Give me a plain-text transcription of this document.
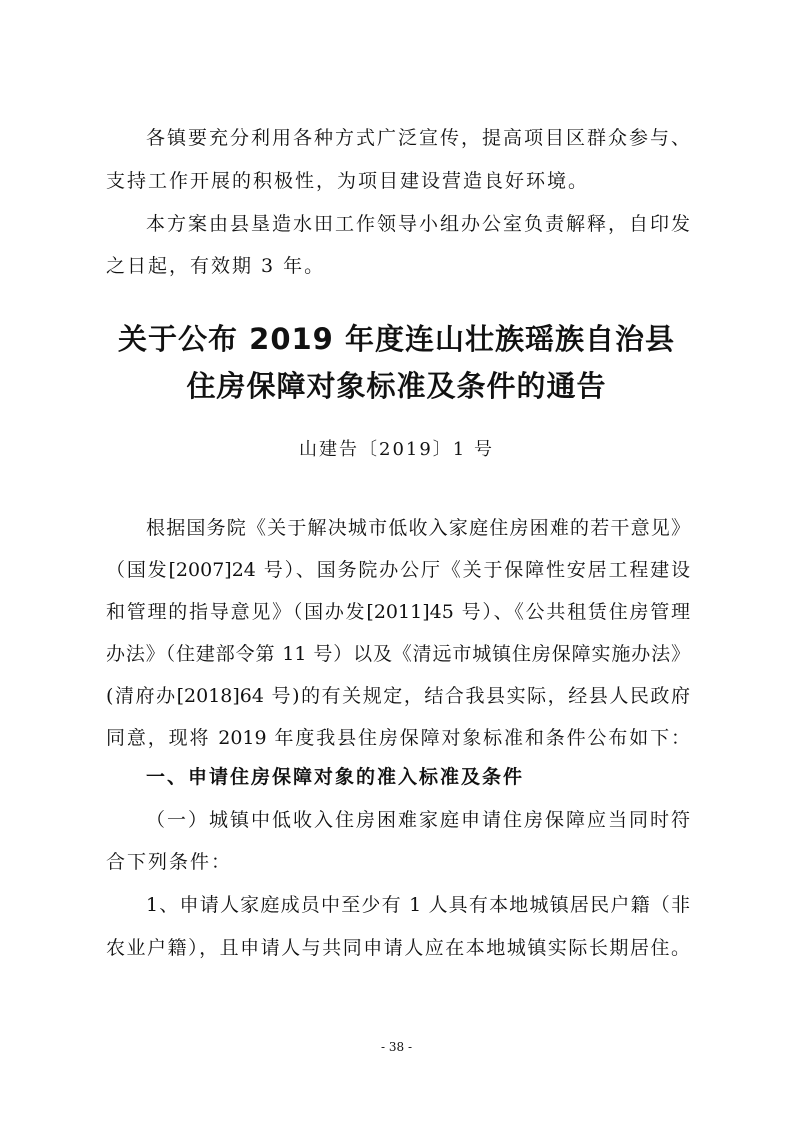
各镇要充分利用各种方式广泛宣传，提高项目区群众参与、
支持工作开展的积极性，为项目建设营造良好环境。
本方案由县垦造水田工作领导小组办公室负责解释，自印发
之日起，有效期 3 年。
关于公布 2019 年度连山壮族瑶族自治县
住房保障对象标准及条件的通告
山建告〔2019〕1 号
根据国务院《关于解决城市低收入家庭住房困难的若干意见》
（国发[2007]24 号）、国务院办公厅《关于保障性安居工程建设
和管理的指导意见》（国办发[2011]45 号）、《公共租赁住房管理
办法》（住建部令第 11 号）以及《清远市城镇住房保障实施办法》
(清府办[2018]64 号)的有关规定，结合我县实际，经县人民政府
同意，现将 2019 年度我县住房保障对象标准和条件公布如下：
一、申请住房保障对象的准入标准及条件
（一）城镇中低收入住房困难家庭申请住房保障应当同时符
合下列条件：
1、申请人家庭成员中至少有 1 人具有本地城镇居民户籍（非
农业户籍），且申请人与共同申请人应在本地城镇实际长期居住。
- 38 -
